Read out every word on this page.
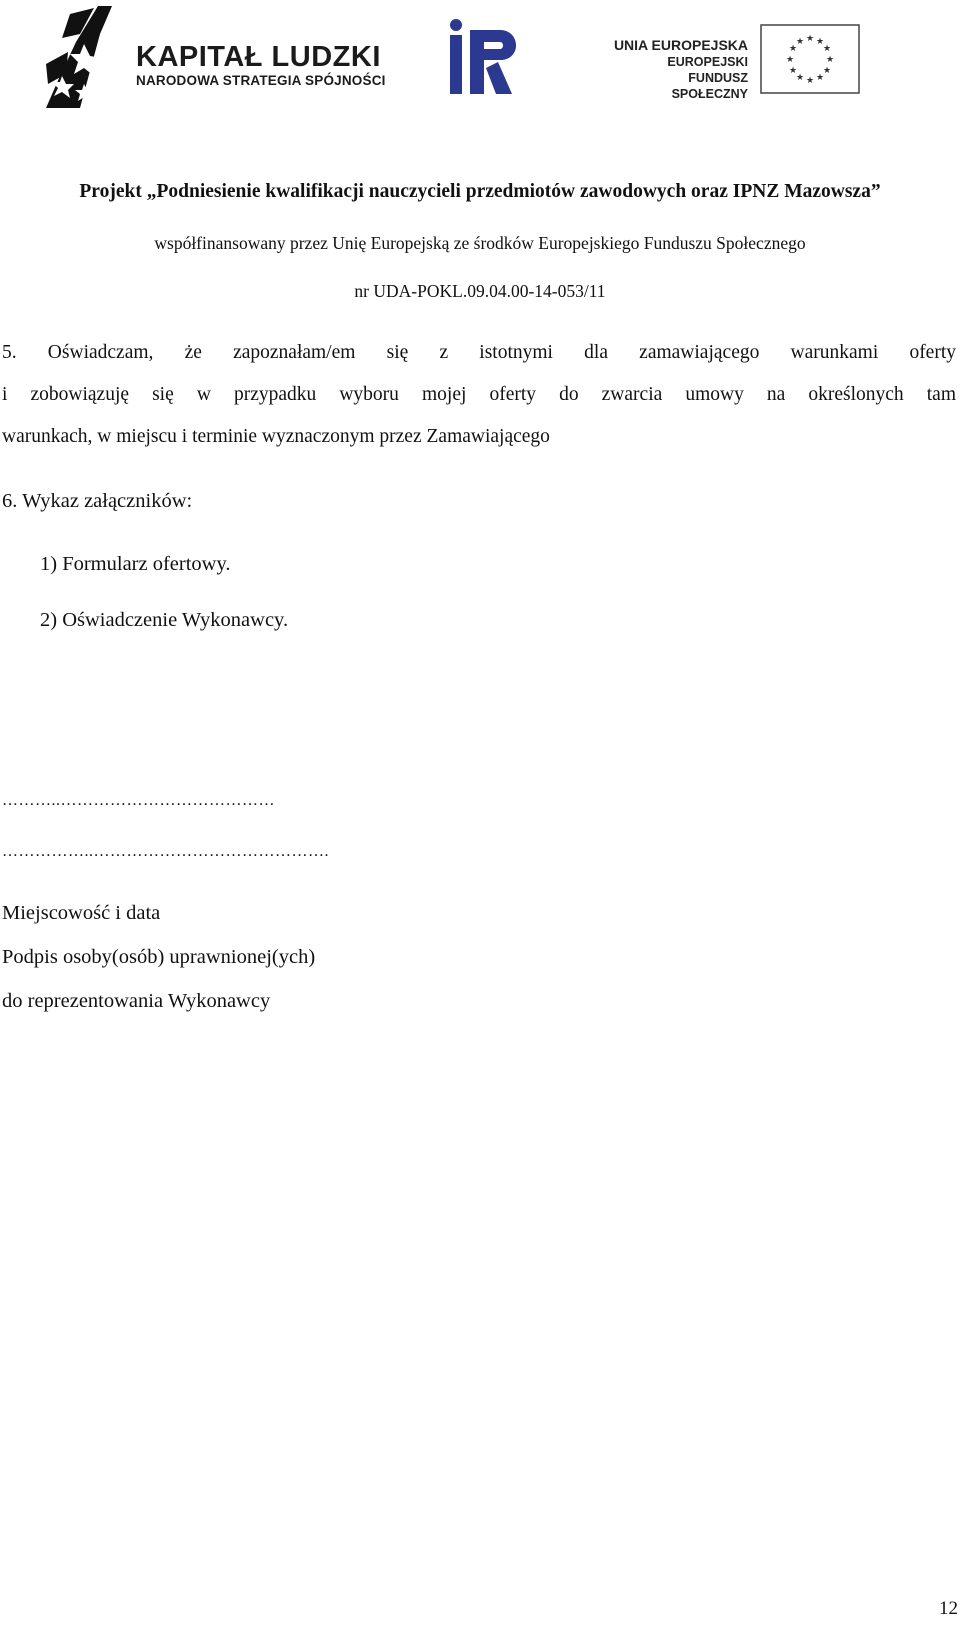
KAPITAŁ LUDZKI
NARODOWA STRATEGIA SPÓJNOŚCI
UNIA EUROPEJSKA
EUROPEJSKI
FUNDUSZ SPOŁECZNY
★ ★
★
★
★
★
★
★
★
★
★
★
Projekt „Podniesienie kwalifikacji nauczycieli przedmiotów zawodowych oraz IPNZ Mazowsza”
współfinansowany przez Unię Europejską ze środków Europejskiego Funduszu Społecznego
nr UDA-POKL.09.04.00-14-053/11
5. Oświadczam, że zapoznałam/em się z istotnymi dla zamawiającego warunkami oferty
i zobowiązuję się w przypadku wyboru mojej oferty do zwarcia umowy na określonych tam
warunkach, w miejscu i terminie wyznaczonym przez Zamawiającego
6. Wykaz załączników:
1) Formularz ofertowy.
2) Oświadczenie Wykonawcy.
………..…………………………………
……………..…………………………………….
Miejscowość i data
Podpis osoby(osób) uprawnionej(ych)
do reprezentowania Wykonawcy
12
